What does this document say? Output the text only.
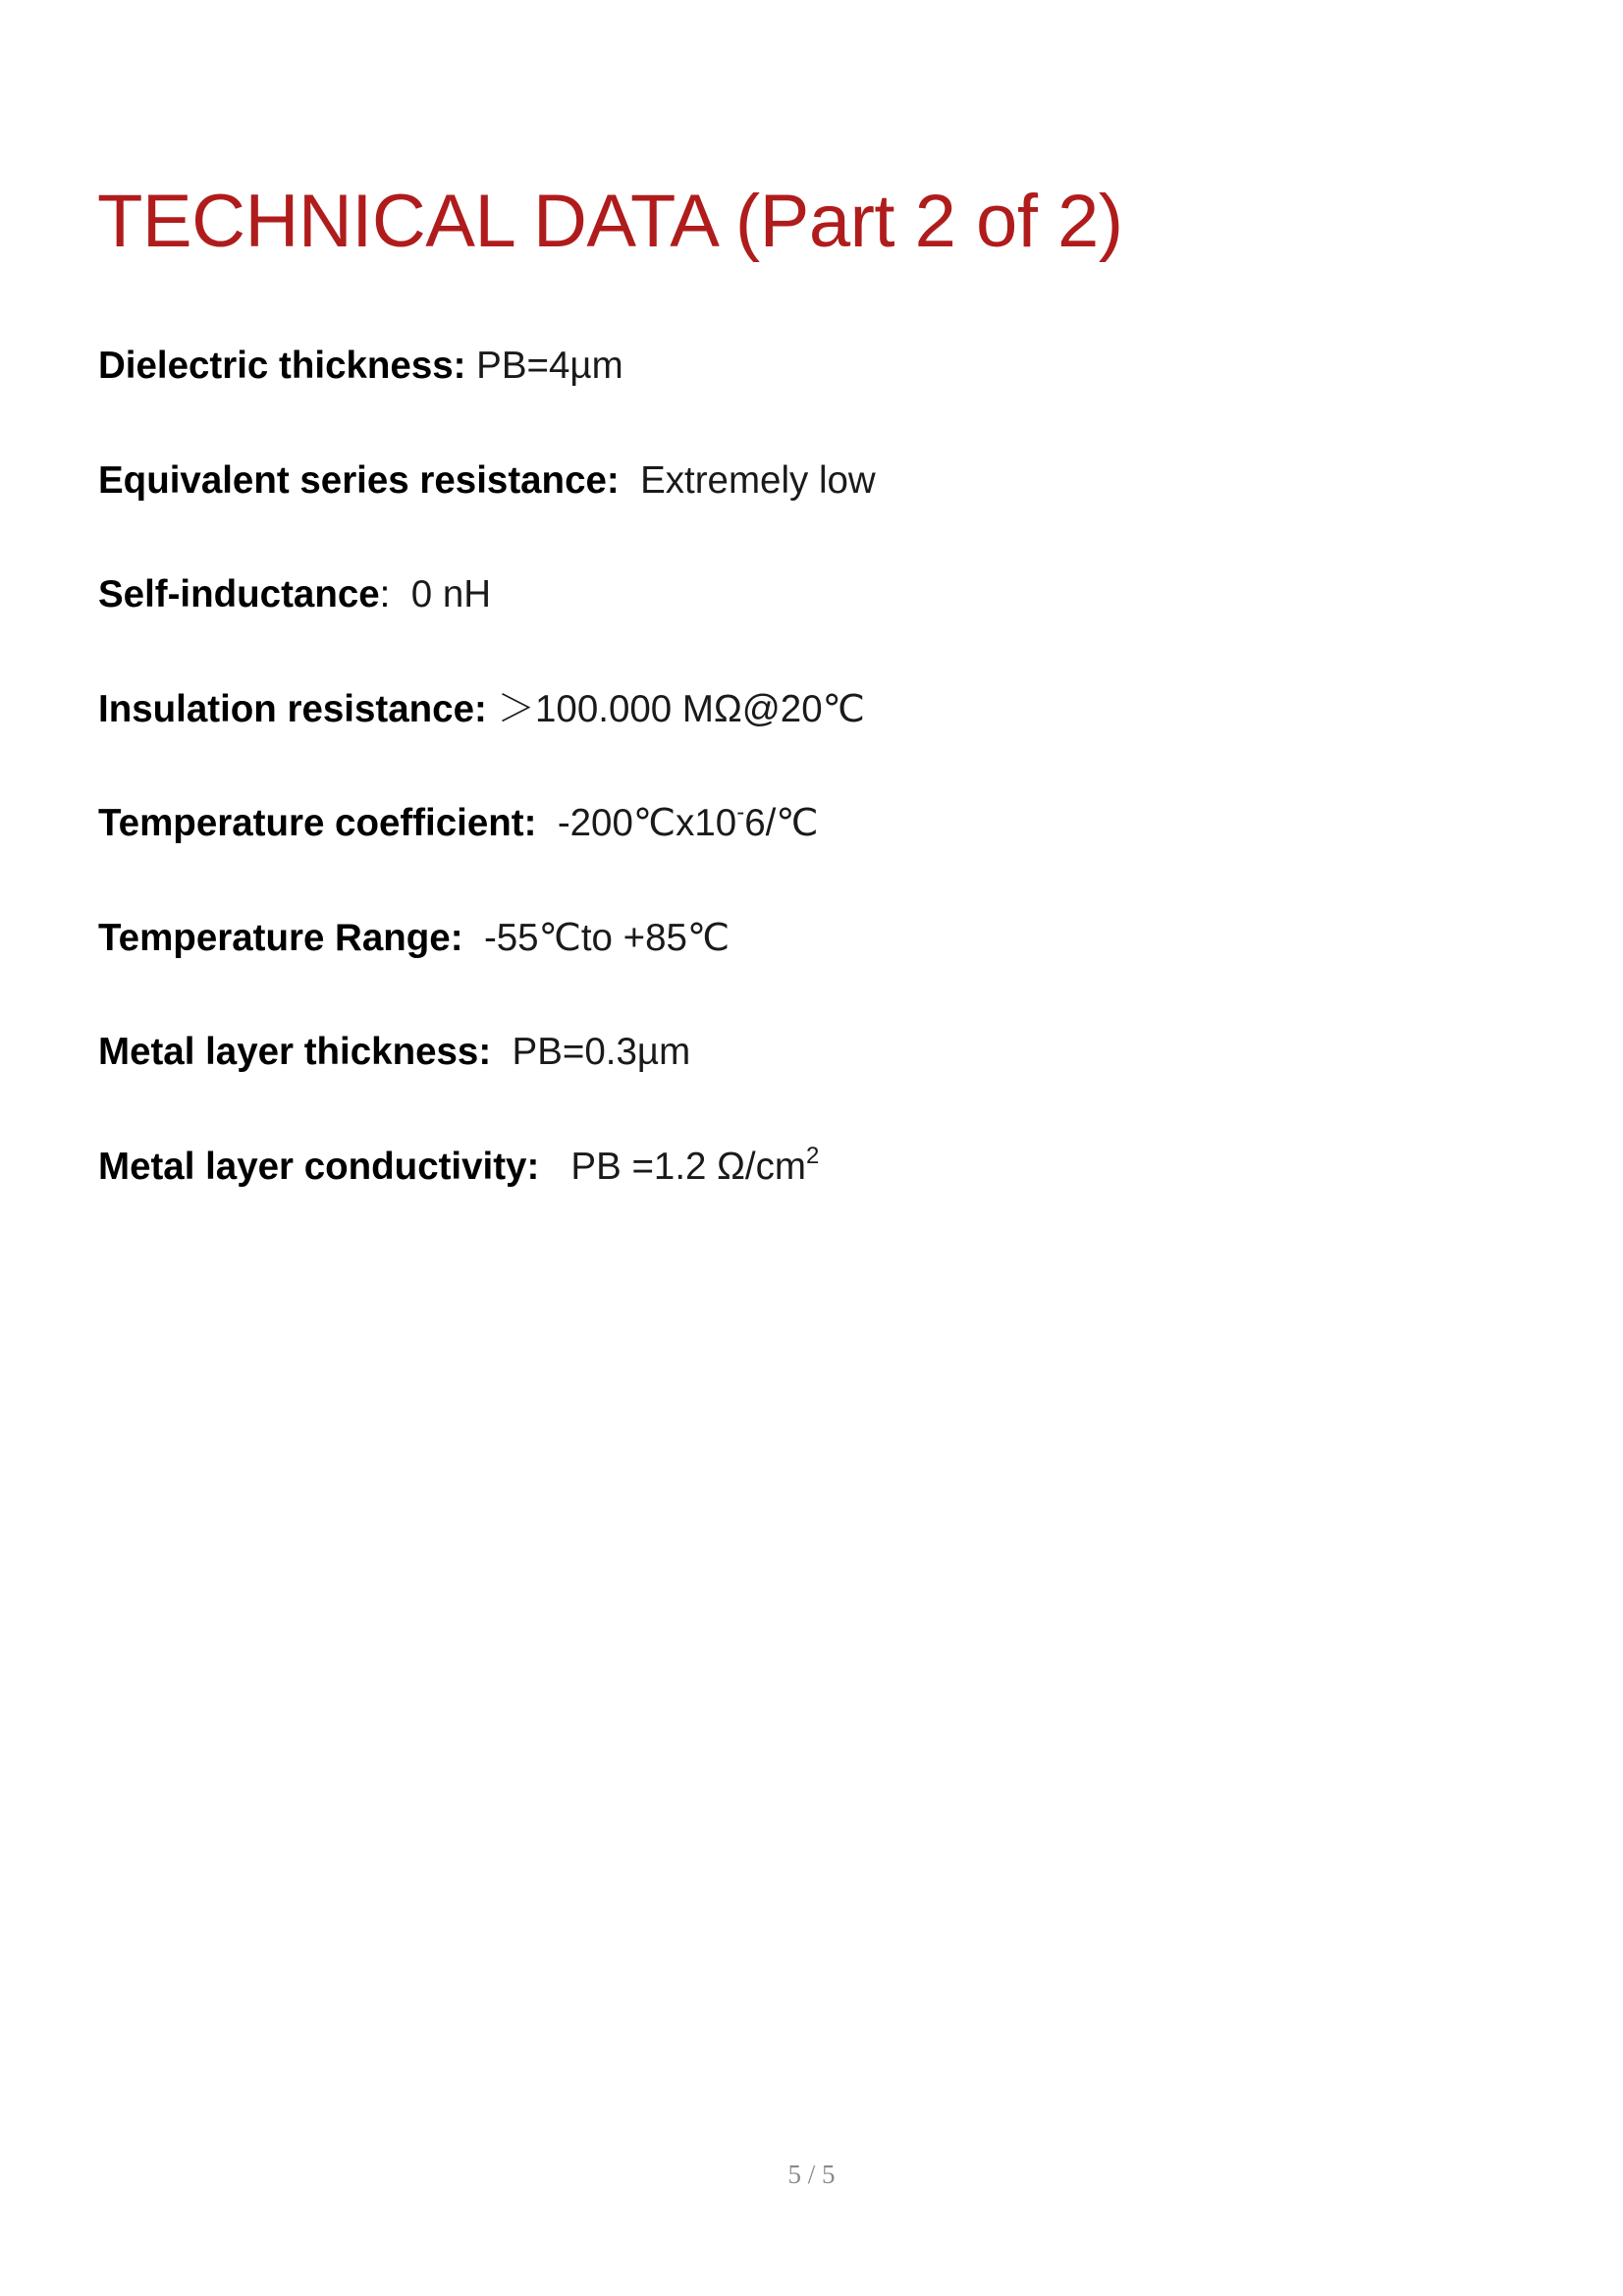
TECHNICAL DATA (Part 2 of 2)
Dielectric thickness: PB=4µm
Equivalent series resistance:  Extremely low
Self-inductance:  0 nH
Insulation resistance: ＞100.000 MΩ@20℃
Temperature coefficient:  -200℃x10-6/℃
Temperature Range:  -55℃to +85℃
Metal layer thickness:  PB=0.3µm
Metal layer conductivity:   PB =1.2 $\Omega/cm^2$
5 / 5
